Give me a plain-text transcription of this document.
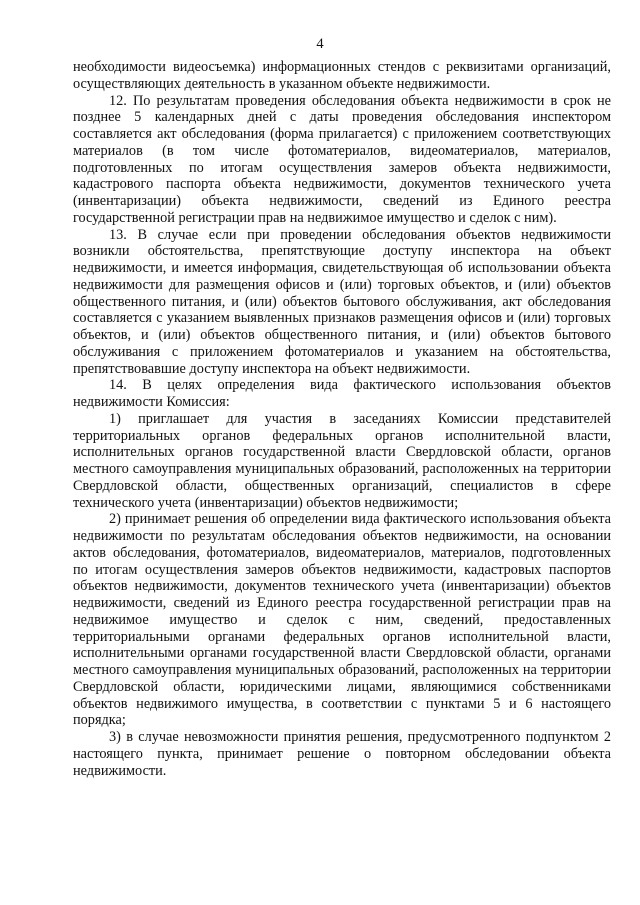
4

необходимости видеосъемка) информационных стендов с реквизитами организаций, осуществляющих деятельность в указанном объекте недвижимости.

12. По результатам проведения обследования объекта недвижимости в срок не позднее 5 календарных дней с даты проведения обследования инспектором составляется акт обследования (форма прилагается) с приложением соответствующих материалов (в том числе фотоматериалов, видеоматериалов, материалов, подготовленных по итогам осуществления замеров объекта недвижимости, кадастрового паспорта объекта недвижимости, документов технического учета (инвентаризации) объекта недвижимости, сведений из Единого реестра государственной регистрации прав на недвижимое имущество и сделок с ним).

13. В случае если при проведении обследования объектов недвижимости возникли обстоятельства, препятствующие доступу инспектора на объект недвижимости, и имеется информация, свидетельствующая об использовании объекта недвижимости для размещения офисов и (или) торговых объектов, и (или) объектов общественного питания, и (или) объектов бытового обслуживания, акт обследования составляется с указанием выявленных признаков размещения офисов и (или) торговых объектов, и (или) объектов общественного питания, и (или) объектов бытового обслуживания с приложением фотоматериалов и указанием на обстоятельства, препятствовавшие доступу инспектора на объект недвижимости.

14. В целях определения вида фактического использования объектов недвижимости Комиссия:

1) приглашает для участия в заседаниях Комиссии представителей территориальных органов федеральных органов исполнительной власти, исполнительных органов государственной власти Свердловской области, органов местного самоуправления муниципальных образований, расположенных на территории Свердловской области, общественных организаций, специалистов в сфере технического учета (инвентаризации) объектов недвижимости;

2) принимает решения об определении вида фактического использования объекта недвижимости по результатам обследования объектов недвижимости, на основании актов обследования, фотоматериалов, видеоматериалов, материалов, подготовленных по итогам осуществления замеров объектов недвижимости, кадастровых паспортов объектов недвижимости, документов технического учета (инвентаризации) объектов недвижимости, сведений из Единого реестра государственной регистрации прав на недвижимое имущество и сделок с ним, сведений, предоставленных территориальными органами федеральных органов исполнительной власти, исполнительными органами государственной власти Свердловской области, органами местного самоуправления муниципальных образований, расположенных на территории Свердловской области, юридическими лицами, являющимися собственниками объектов недвижимого имущества, в соответствии с пунктами 5 и 6 настоящего порядка;

3) в случае невозможности принятия решения, предусмотренного подпунктом 2 настоящего пункта, принимает решение о повторном обследовании объекта недвижимости.
